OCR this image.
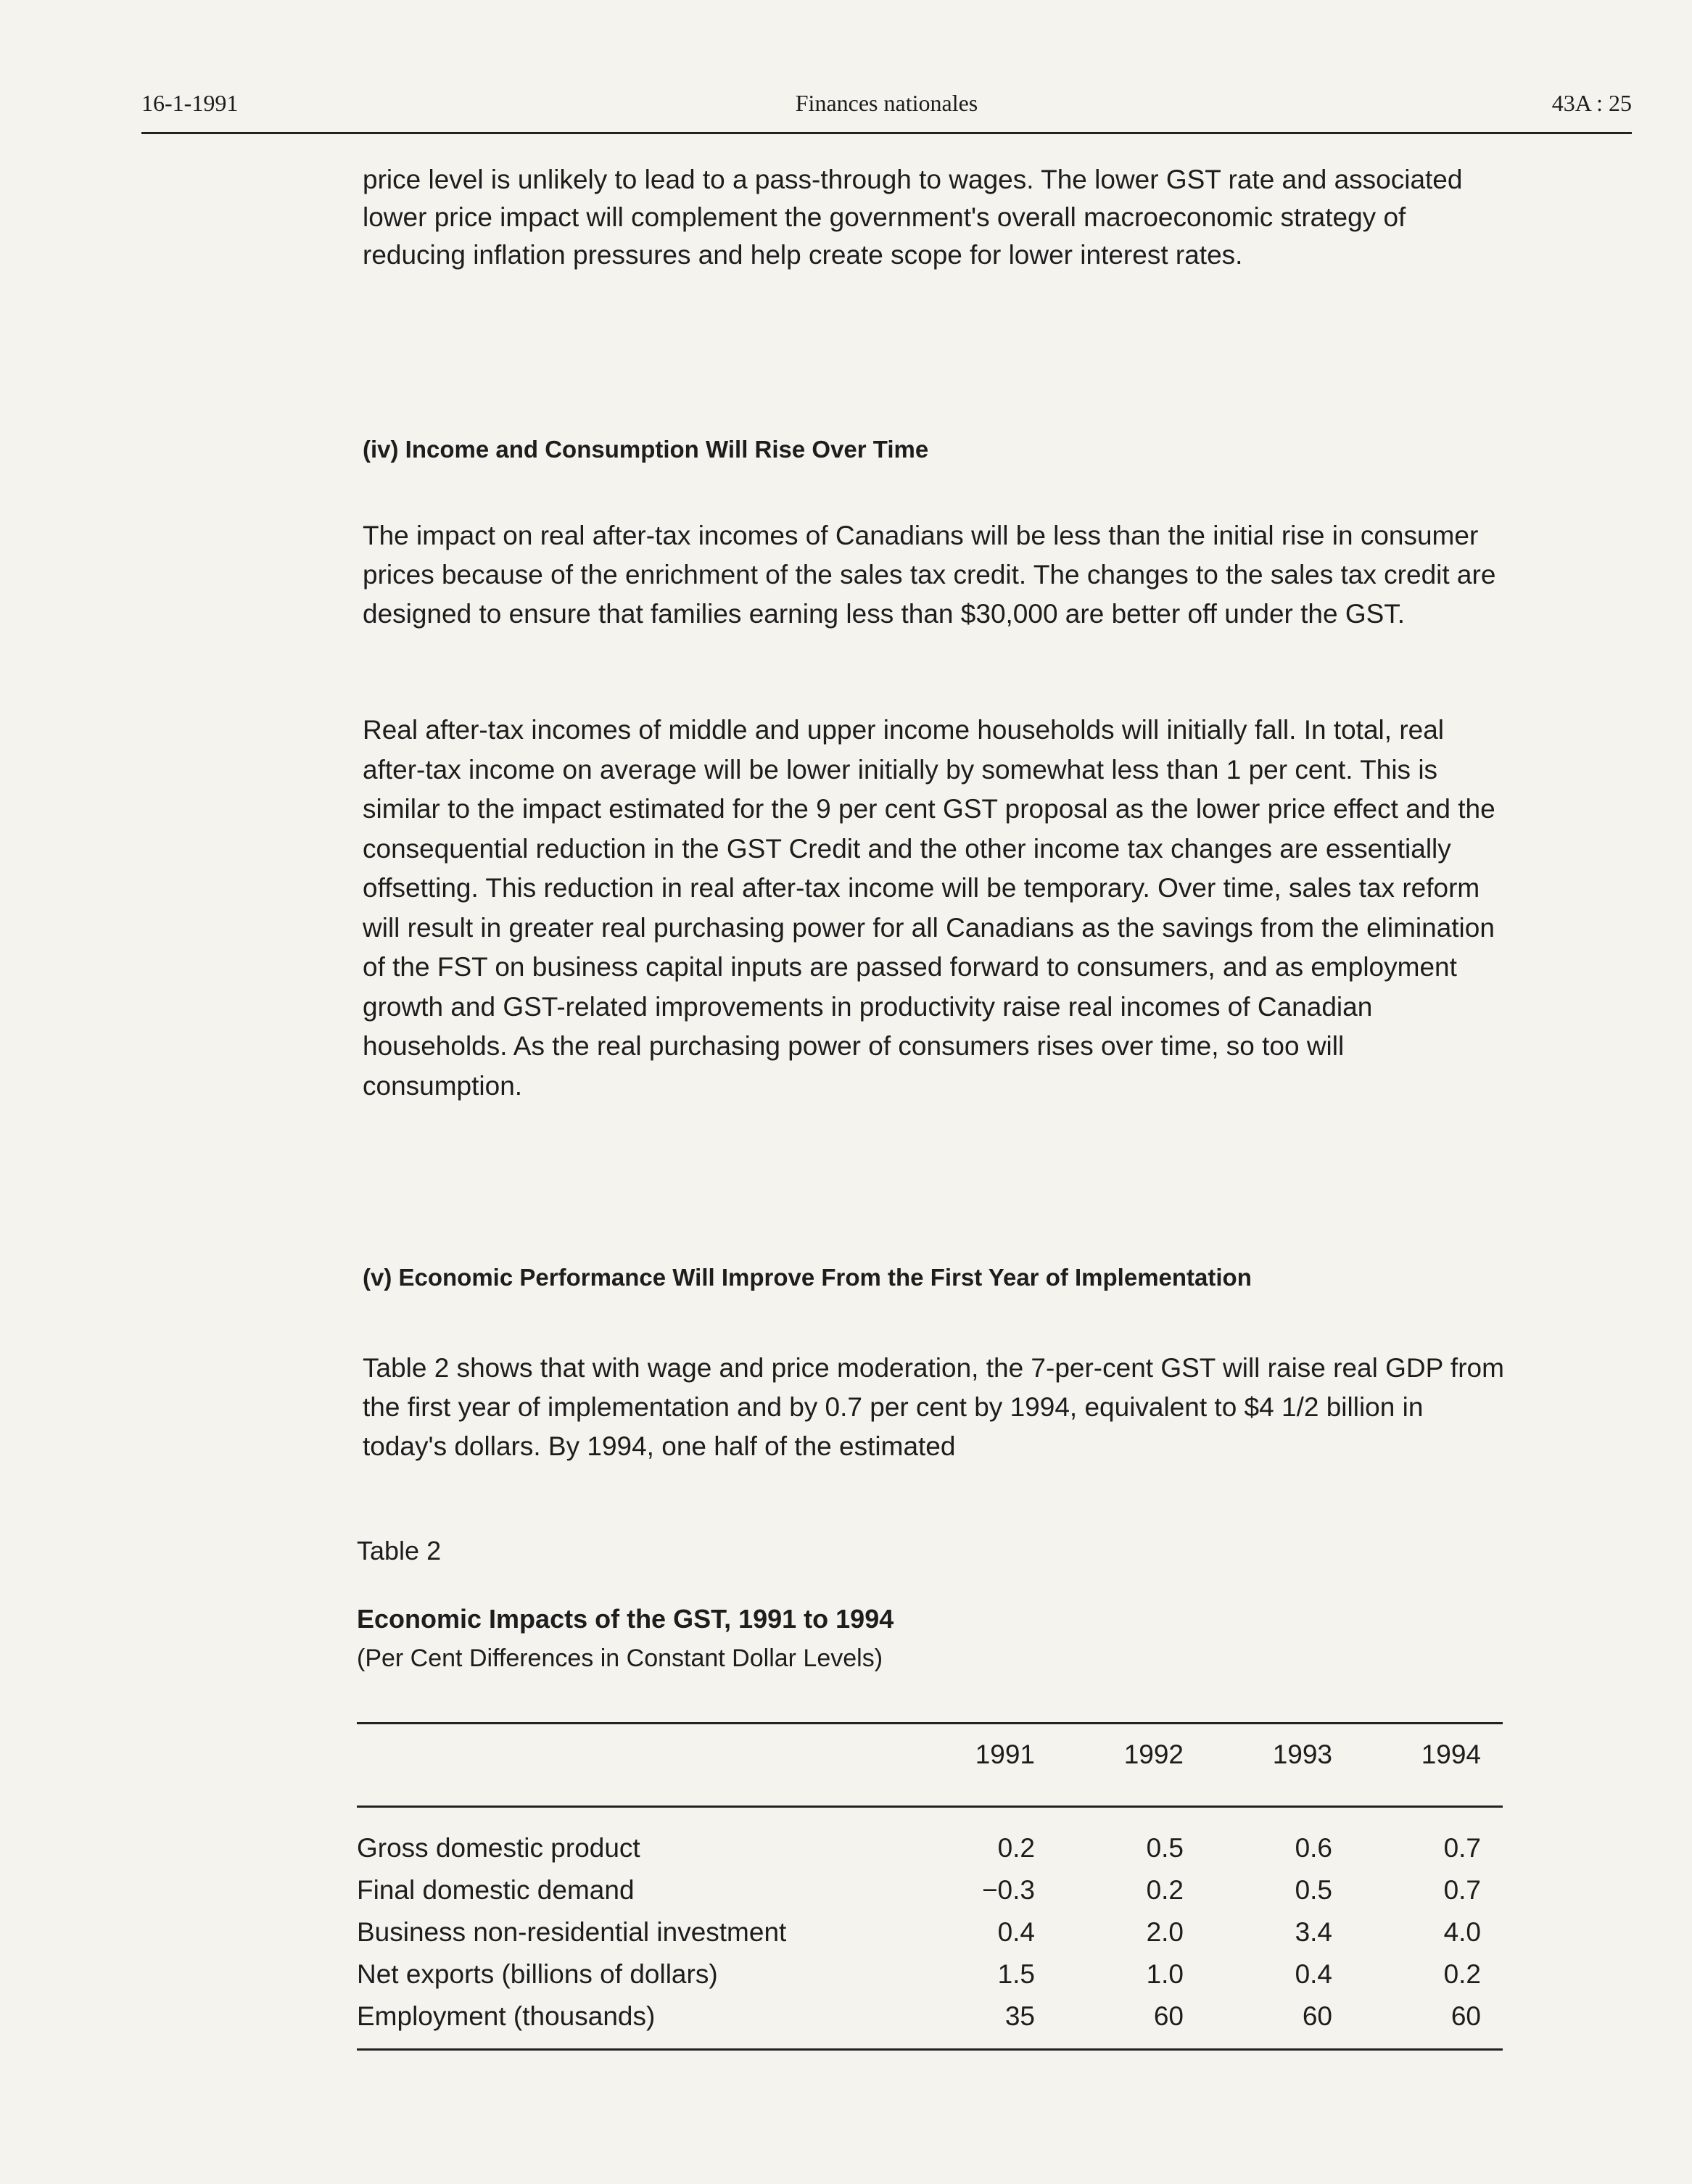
16-1-1991	Finances nationales	43A : 25

price level is unlikely to lead to a pass-through to wages. The lower GST rate and associated lower price impact will complement the government's overall macroeconomic strategy of reducing inflation pressures and help create scope for lower interest rates.

(iv) Income and Consumption Will Rise Over Time

The impact on real after-tax incomes of Canadians will be less than the initial rise in consumer prices because of the enrichment of the sales tax credit. The changes to the sales tax credit are designed to ensure that families earning less than $30,000 are better off under the GST.

Real after-tax incomes of middle and upper income households will initially fall. In total, real after-tax income on average will be lower initially by somewhat less than 1 per cent. This is similar to the impact estimated for the 9 per cent GST proposal as the lower price effect and the consequential reduction in the GST Credit and the other income tax changes are essentially offsetting. This reduction in real after-tax income will be temporary. Over time, sales tax reform will result in greater real purchasing power for all Canadians as the savings from the elimination of the FST on business capital inputs are passed forward to consumers, and as employment growth and GST-related improvements in productivity raise real incomes of Canadian households. As the real purchasing power of consumers rises over time, so too will consumption.

(v) Economic Performance Will Improve From the First Year of Implementation

Table 2 shows that with wage and price moderation, the 7-per-cent GST will raise real GDP from the first year of implementation and by 0.7 per cent by 1994, equivalent to $4 1/2 billion in today's dollars. By 1994, one half of the estimated

Table 2
Economic Impacts of the GST, 1991 to 1994
(Per Cent Differences in Constant Dollar Levels)
	1991	1992	1993	1994

Gross domestic product	0.2	0.5	0.6	0.7
Final domestic demand	−0.3	0.2	0.5	0.7
Business non-residential investment	0.4	2.0	3.4	4.0
Net exports (billions of dollars)	1.5	1.0	0.4	0.2
Employment (thousands)	35	60	60	60
